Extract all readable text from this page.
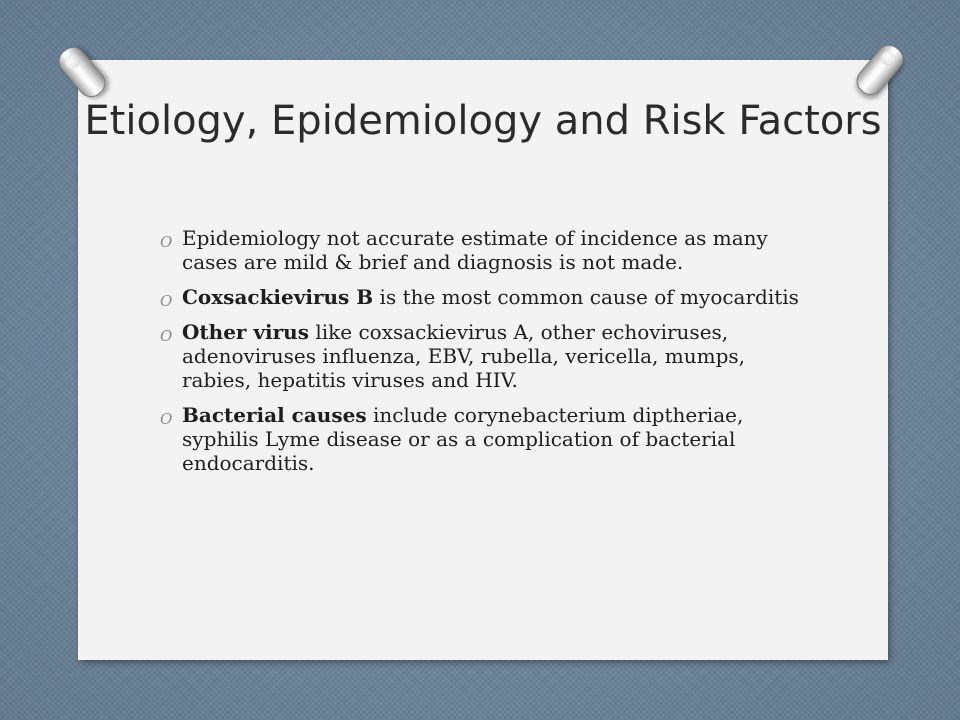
Etiology, Epidemiology and Risk Factors
O Epidemiology not accurate estimate of incidence as many cases are mild & brief and diagnosis is not made.
O Coxsackievirus B is the most common cause of myocarditis
O Other virus like coxsackievirus A, other echoviruses, adenoviruses influenza, EBV, rubella, vericella, mumps, rabies, hepatitis viruses and HIV.
O Bacterial causes include corynebacterium diptheriae, syphilis Lyme disease or as a complication of bacterial endocarditis.
